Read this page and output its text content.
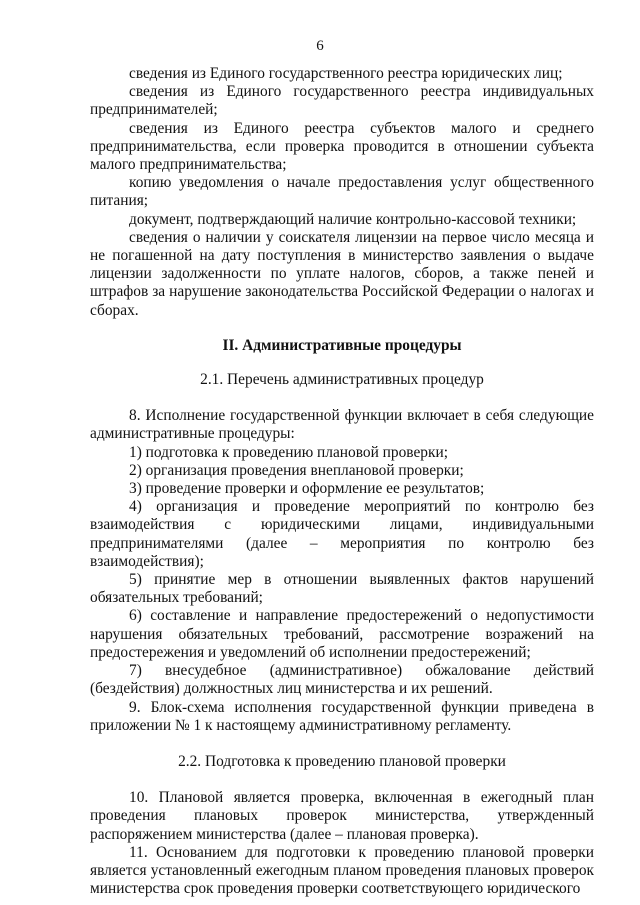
6

сведения из Единого государственного реестра юридических лиц;

сведения из Единого государственного реестра индивидуальных предпринимателей;

сведения из Единого реестра субъектов малого и среднего предпринимательства, если проверка проводится в отношении субъекта малого предпринимательства;

копию уведомления о начале предоставления услуг общественного питания;

документ, подтверждающий наличие контрольно-кассовой техники;

сведения о наличии у соискателя лицензии на первое число месяца и не погашенной на дату поступления в министерство заявления о выдаче лицензии задолженности по уплате налогов, сборов, а также пеней и штрафов за нарушение законодательства Российской Федерации о налогах и сборах.

II. Административные процедуры

2.1. Перечень административных процедур

8. Исполнение государственной функции включает в себя следующие административные процедуры:

1) подготовка к проведению плановой проверки;

2) организация проведения внеплановой проверки;

3) проведение проверки и оформление ее результатов;

4) организация и проведение мероприятий по контролю без взаимодействия с юридическими лицами, индивидуальными предпринимателями (далее – мероприятия по контролю без взаимодействия);

5) принятие мер в отношении выявленных фактов нарушений обязательных требований;

6) составление и направление предостережений о недопустимости нарушения обязательных требований, рассмотрение возражений на предостережения и уведомлений об исполнении предостережений;

7) внесудебное (административное) обжалование действий (бездействия) должностных лиц министерства и их решений.

9. Блок-схема исполнения государственной функции приведена в приложении № 1 к настоящему административному регламенту.

2.2. Подготовка к проведению плановой проверки

10. Плановой является проверка, включенная в ежегодный план проведения плановых проверок министерства, утвержденный распоряжением министерства (далее – плановая проверка).

11. Основанием для подготовки к проведению плановой проверки является установленный ежегодным планом проведения плановых проверок министерства срок проведения проверки соответствующего юридического
